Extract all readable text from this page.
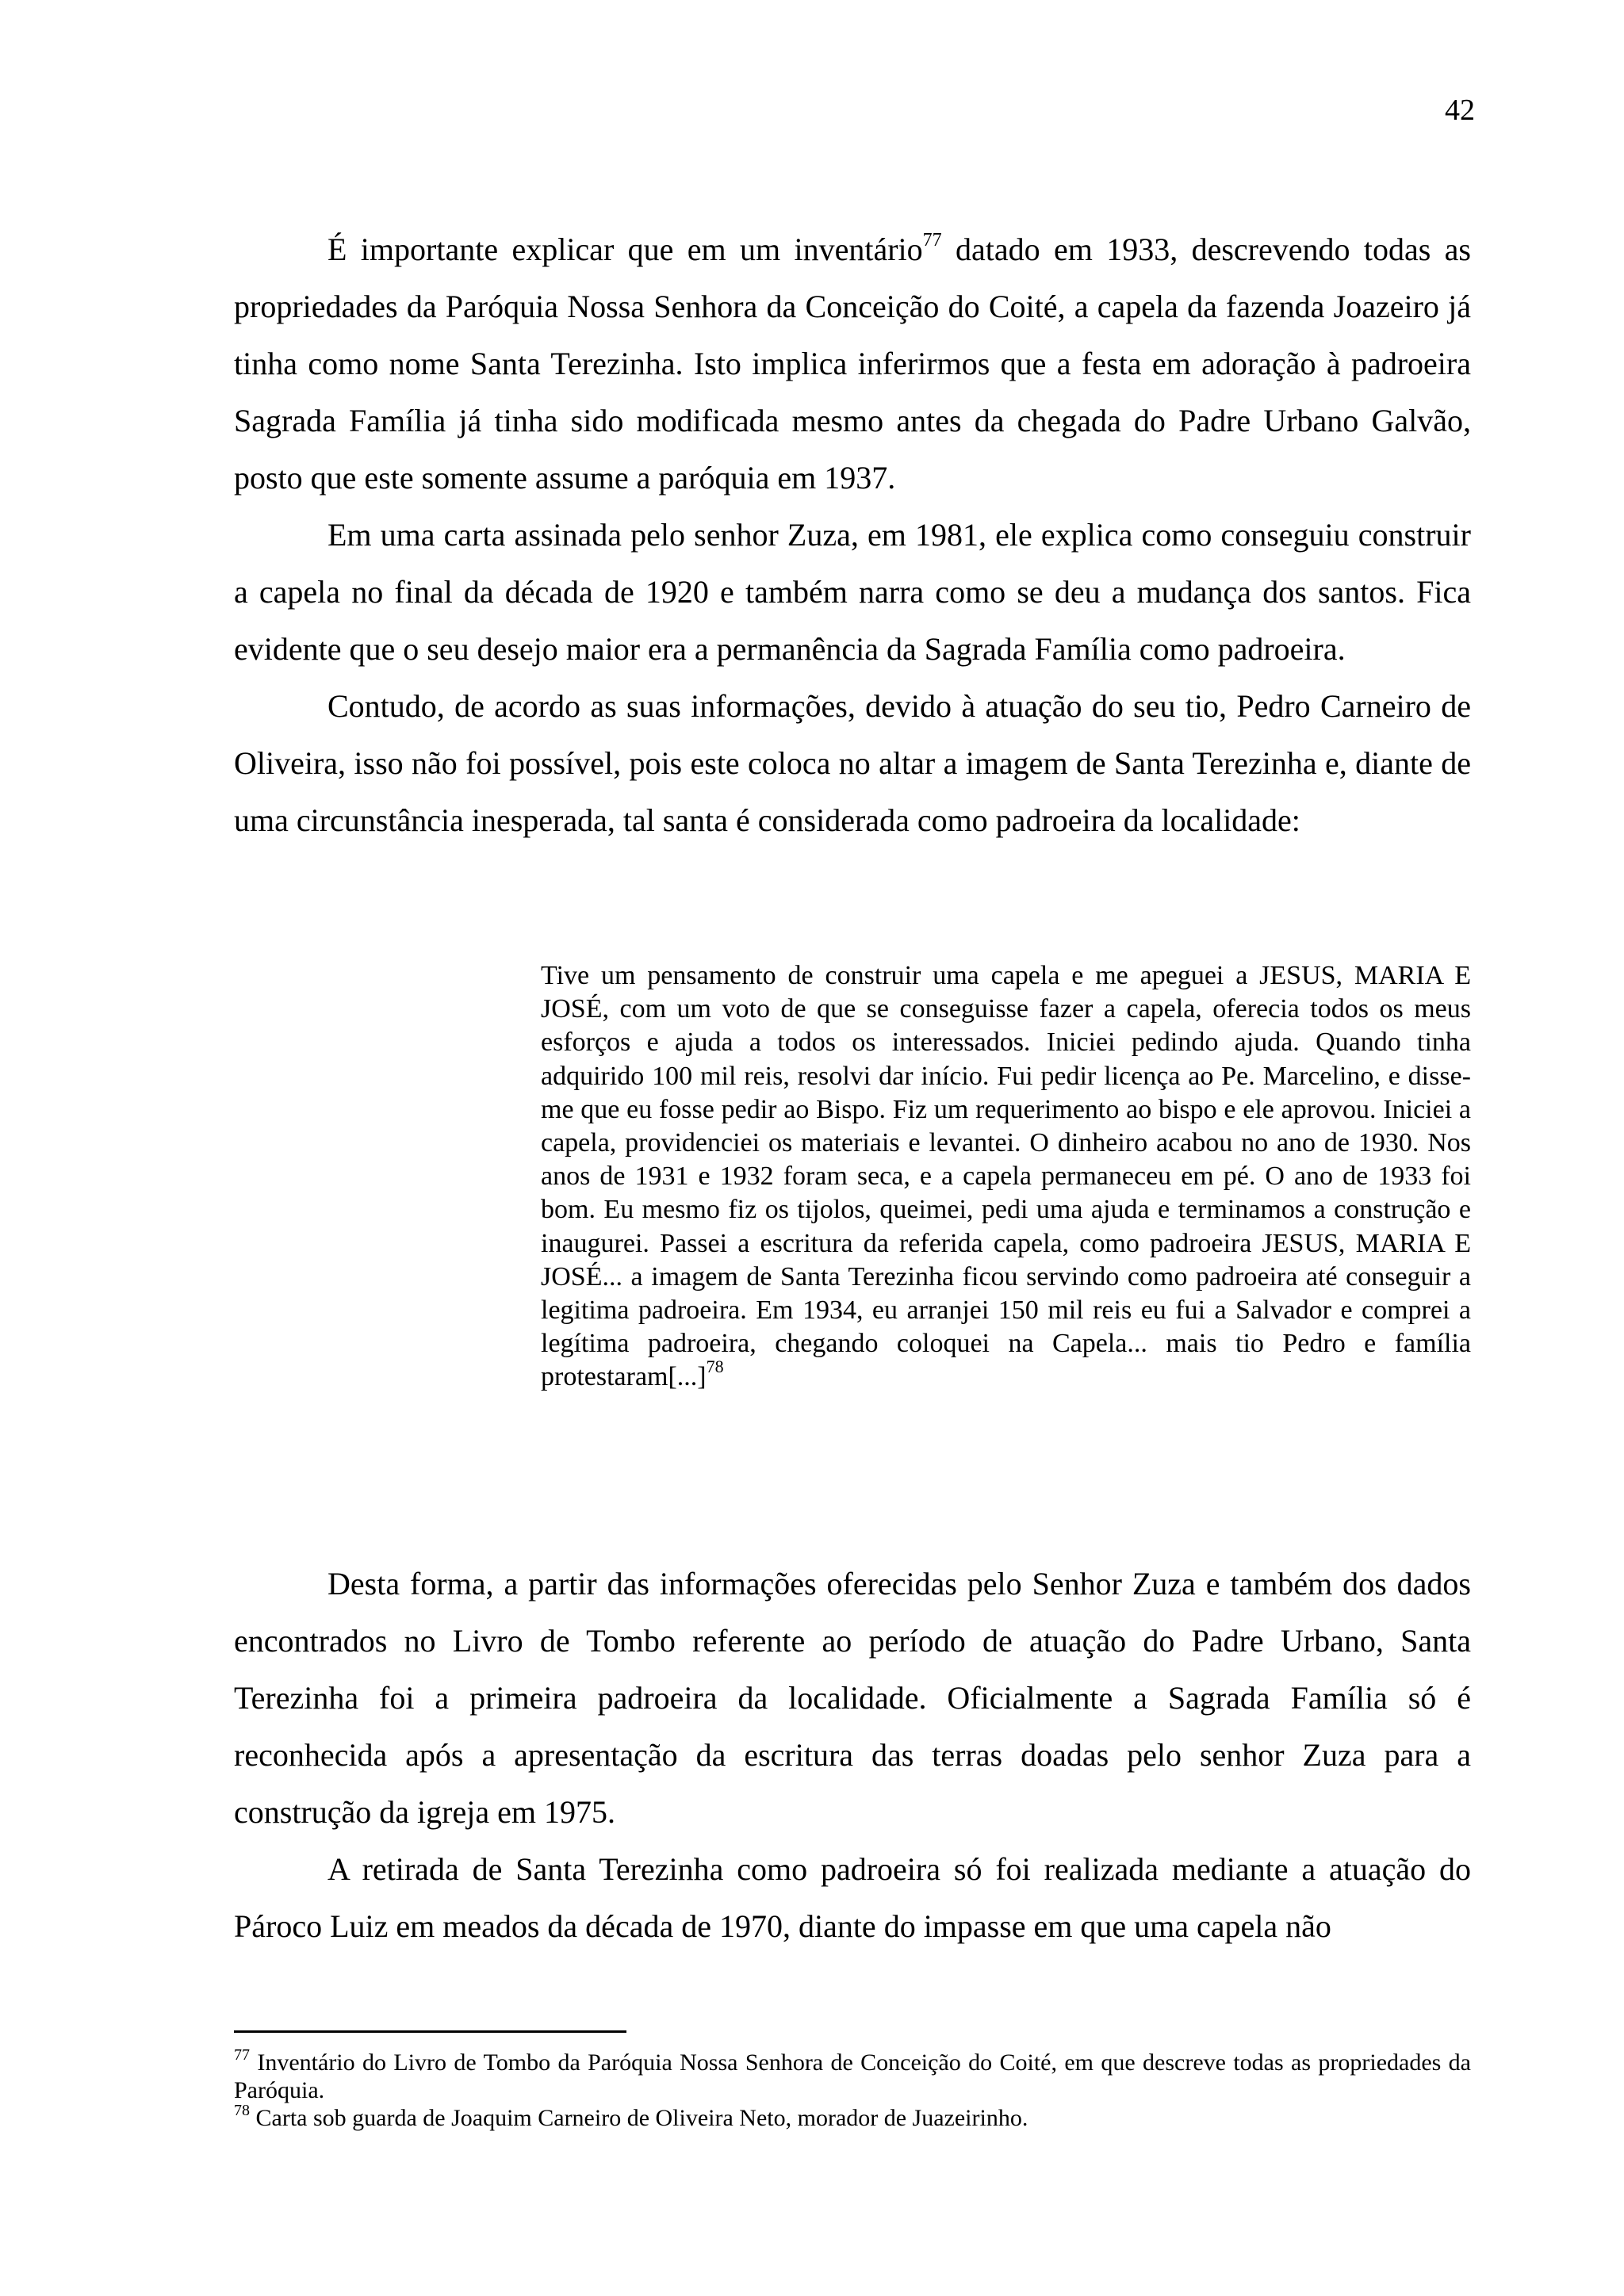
42

É importante explicar que em um inventário$^{77}$ datado em 1933, descrevendo todas as propriedades da Paróquia Nossa Senhora da Conceição do Coité, a capela da fazenda Joazeiro já tinha como nome Santa Terezinha. Isto implica inferirmos que a festa em adoração à padroeira Sagrada Família já tinha sido modificada mesmo antes da chegada do Padre Urbano Galvão, posto que este somente assume a paróquia em 1937.

Em uma carta assinada pelo senhor Zuza, em 1981, ele explica como conseguiu construir a capela no final da década de 1920 e também narra como se deu a mudança dos santos. Fica evidente que o seu desejo maior era a permanência da Sagrada Família como padroeira.

Contudo, de acordo as suas informações, devido à atuação do seu tio, Pedro Carneiro de Oliveira, isso não foi possível, pois este coloca no altar a imagem de Santa Terezinha e, diante de uma circunstância inesperada, tal santa é considerada como padroeira da localidade:

Tive um pensamento de construir uma capela e me apeguei a JESUS, MARIA E JOSÉ, com um voto de que se conseguisse fazer a capela, oferecia todos os meus esforços e ajuda a todos os interessados. Iniciei pedindo ajuda. Quando tinha adquirido 100 mil reis, resolvi dar início. Fui pedir licença ao Pe. Marcelino, e disse-me que eu fosse pedir ao Bispo. Fiz um requerimento ao bispo e ele aprovou. Iniciei a capela, providenciei os materiais e levantei. O dinheiro acabou no ano de 1930. Nos anos de 1931 e 1932 foram seca, e a capela permaneceu em pé. O ano de 1933 foi bom. Eu mesmo fiz os tijolos, queimei, pedi uma ajuda e terminamos a construção e inaugurei. Passei a escritura da referida capela, como padroeira JESUS, MARIA E JOSÉ... a imagem de Santa Terezinha ficou servindo como padroeira até conseguir a legitima padroeira. Em 1934, eu arranjei 150 mil reis eu fui a Salvador e comprei a legítima padroeira, chegando coloquei na Capela... mais tio Pedro e família protestaram[...]$^{78}$

Desta forma, a partir das informações oferecidas pelo Senhor Zuza e também dos dados encontrados no Livro de Tombo referente ao período de atuação do Padre Urbano, Santa Terezinha foi a primeira padroeira da localidade. Oficialmente a Sagrada Família só é reconhecida após a apresentação da escritura das terras doadas pelo senhor Zuza para a construção da igreja em 1975.

A retirada de Santa Terezinha como padroeira só foi realizada mediante a atuação do Pároco Luiz em meados da década de 1970, diante do impasse em que uma capela não

$^{77}$ Inventário do Livro de Tombo da Paróquia Nossa Senhora de Conceição do Coité, em que descreve todas as propriedades da Paróquia.

$^{78}$ Carta sob guarda de Joaquim Carneiro de Oliveira Neto, morador de Juazeirinho.
